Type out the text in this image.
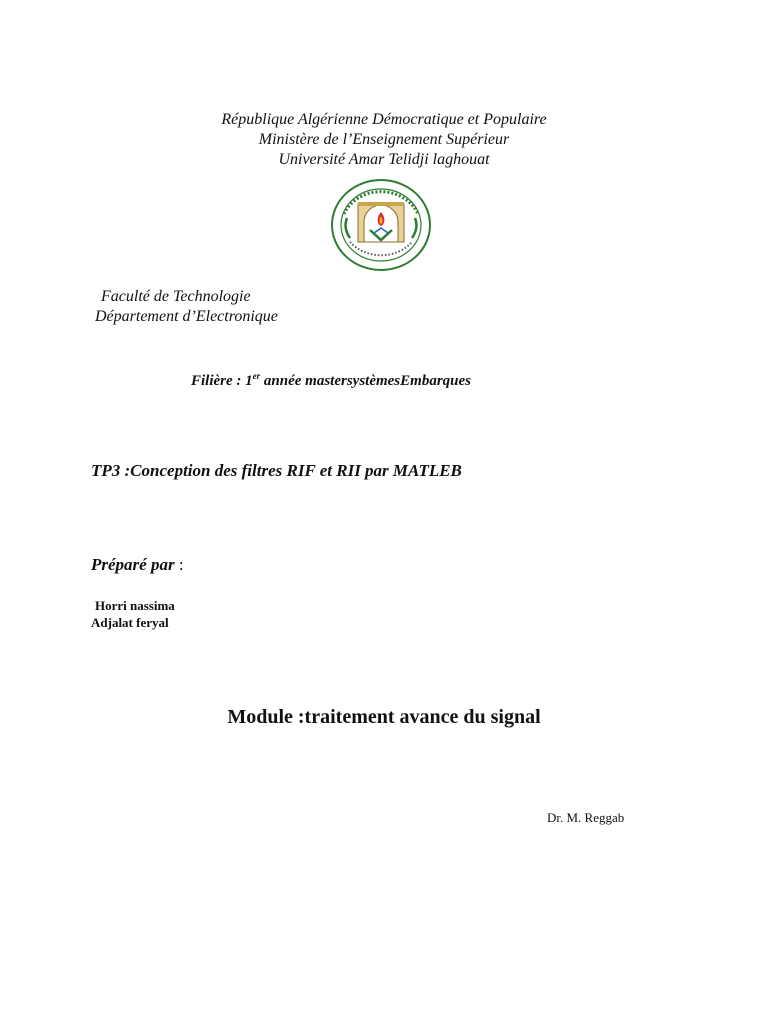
République Algérienne Démocratique et Populaire
Ministère de l’Enseignement Supérieur
Université Amar Telidji laghouat
Faculté de Technologie
Département d’Electronique
Filière : 1er année mastersystèmesEmbarques
TP3 :Conception des filtres RIF et RII par MATLEB
Préparé par :
Horri nassima
Adjalat feryal
Module :traitement avance du signal
Dr. M. Reggab
